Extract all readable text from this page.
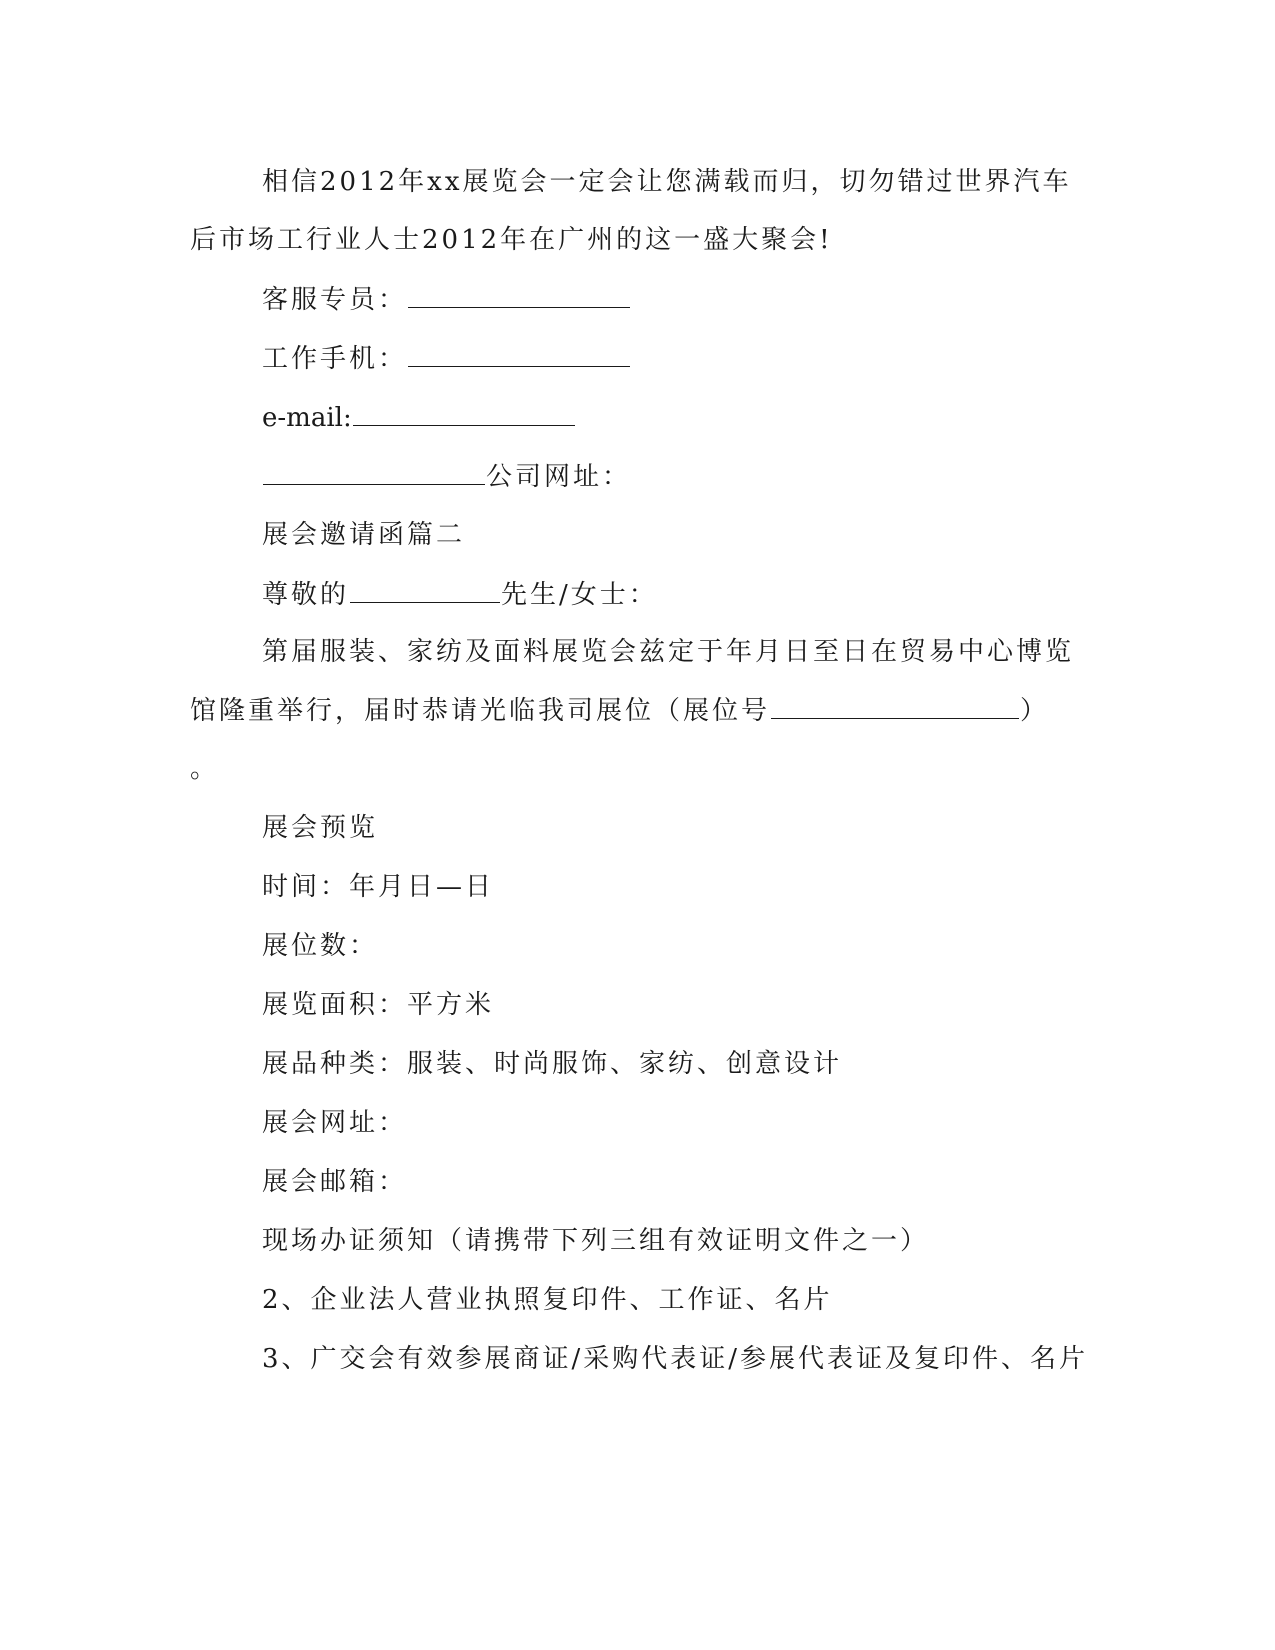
相信2012年xx展览会一定会让您满载而归，切勿错过世界汽车
后市场工行业人士2012年在广州的这一盛大聚会!
客服专员：
工作手机：
e-mail:
公司网址：
展会邀请函篇二
尊敬的	先生/女士：
第届服装、家纺及面料展览会兹定于年月日至日在贸易中心博览
馆隆重举行，届时恭请光临我司展位（展位号	）
。
展会预览
时间：年月日—日
展位数：
展览面积：平方米
展品种类：服装、时尚服饰、家纺、创意设计
展会网址：
展会邮箱：
现场办证须知（请携带下列三组有效证明文件之一）
2、企业法人营业执照复印件、工作证、名片
3、广交会有效参展商证/采购代表证/参展代表证及复印件、名片
